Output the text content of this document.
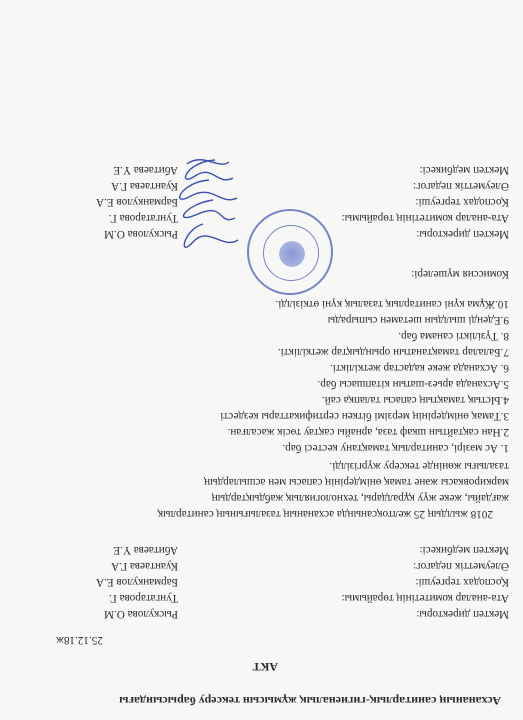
Асхананың санитарлық-гигиеналық жұмысын тексеру барысындағы
АКТ
25.12.18ж
Мектеп директоры:
Рыскулова О.М
Ата-аналар комитетінің төрайымы:
Тунгатарова Г.
Қосподах тергеуші:
Барманкулов Е.А
Әлеуметтік педагог:
Куантаева Г.А
Мектеп медбикесі:
Абитаева Ү.Е
2018 жылдың 25 желтоқсанында асхананың тазалығының санитарлық
жағдайы, жеке жүу құралдары, технологиялық жабдықтардың
маркировкасы және тамақ өнімдерінің сапасы мен асшылардың
тазалығы жөнінде тексеру жүргізілді.
1. Ас мәзірі, санитарлық тамақтану кестесі бар.
2.Нан сақтайтын шкаф таза, арнайы сақтау төсік жасалған.
3.Тамақ өнімдерінің мерзімі біткен сертификаттары кездесті
4.Ыстық тамақтың сапасы талапқа сай.
5.Асханада арьез-шатын кітапшасы бар.
6. Асханада жеке кадастар жеткілікті.
7.Балалар тамақтанатын орындықтар жеткілікті.
8. Түзілікті санама бар.
9.Еденді шылдын шетамен сыпырады
10.Жұма күні санитарлық тазалық күні өткізілді.
Комиссия мүшелері:
Мектеп директоры:
Рыскулова О.М
Ата-аналар комитетінің төрайымы:
Тунгатарова Г.
Қосподах тергеуші:
Барманкулов Е.А
Әлеуметтік педагог:
Куантаева Г.А
Мектеп медбикесі:
Абитаева Ү.Е
